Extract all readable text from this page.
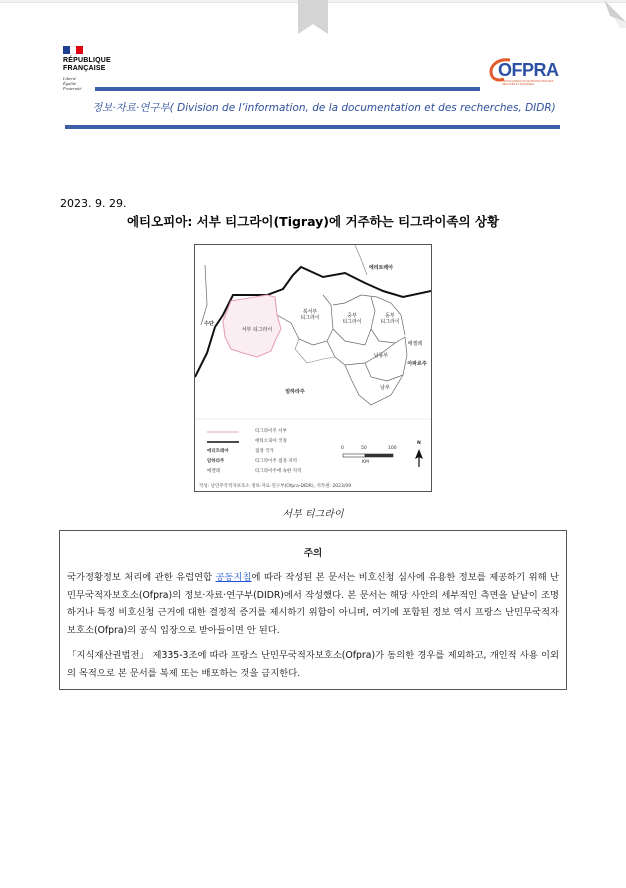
RÉPUBLIQUE
FRANÇAISE
Liberté
Égalité
Fraternité
OFPRA
OFFICE FRANÇAIS DE PROTECTION DES RÉFUGIÉS ET APATRIDES
정보·자료·연구부( Division de l’information, de la documentation et des recherches, DIDR)
2023. 9. 29.
에티오피아: 서부 티그라이(Tigray)에 거주하는 티그라이족의 상황
에리트레아
수단
서부 티그라이
북서부
티그라이	중부
티그라이
동부
티그라이
메켈레
남동부
남부
아파르주
암하라주
티그라이주 서부
에티오피아 국경
에리트레아	접경 국가
암하라주	티그라이주 접경 지역
메켈레	티그라이주에 속한 지역
0	50	100
KM
N
작성: 난민무국적자보호소 정보·자료·연구부(Ofpra-DIDR), 저작권: 2023/09
서부 티그라이
주의
국가정황정보 처리에 관한 유럽연합 공동지침에 따라 작성된 본 문서는 비호신청 심사에 유용한 정보를 제공하기 위해 난민무국적자보호소(Ofpra)의 정보·자료·연구부(DIDR)에서 작성했다. 본 문서는 해당 사안의 세부적인 측면을 낱낱이 조명하거나 특정 비호신청 근거에 대한 결정적 증거를 제시하기 위함이 아니며, 여기에 포함된 정보 역시 프랑스 난민무국적자보호소(Ofpra)의 공식 입장으로 받아들이면 안 된다.
「지식재산권법전」 제335-3조에 따라 프랑스 난민무국적자보호소(Ofpra)가 동의한 경우를 제외하고, 개인적 사용 이외의 목적으로 본 문서를 복제 또는 배포하는 것을 금지한다.
